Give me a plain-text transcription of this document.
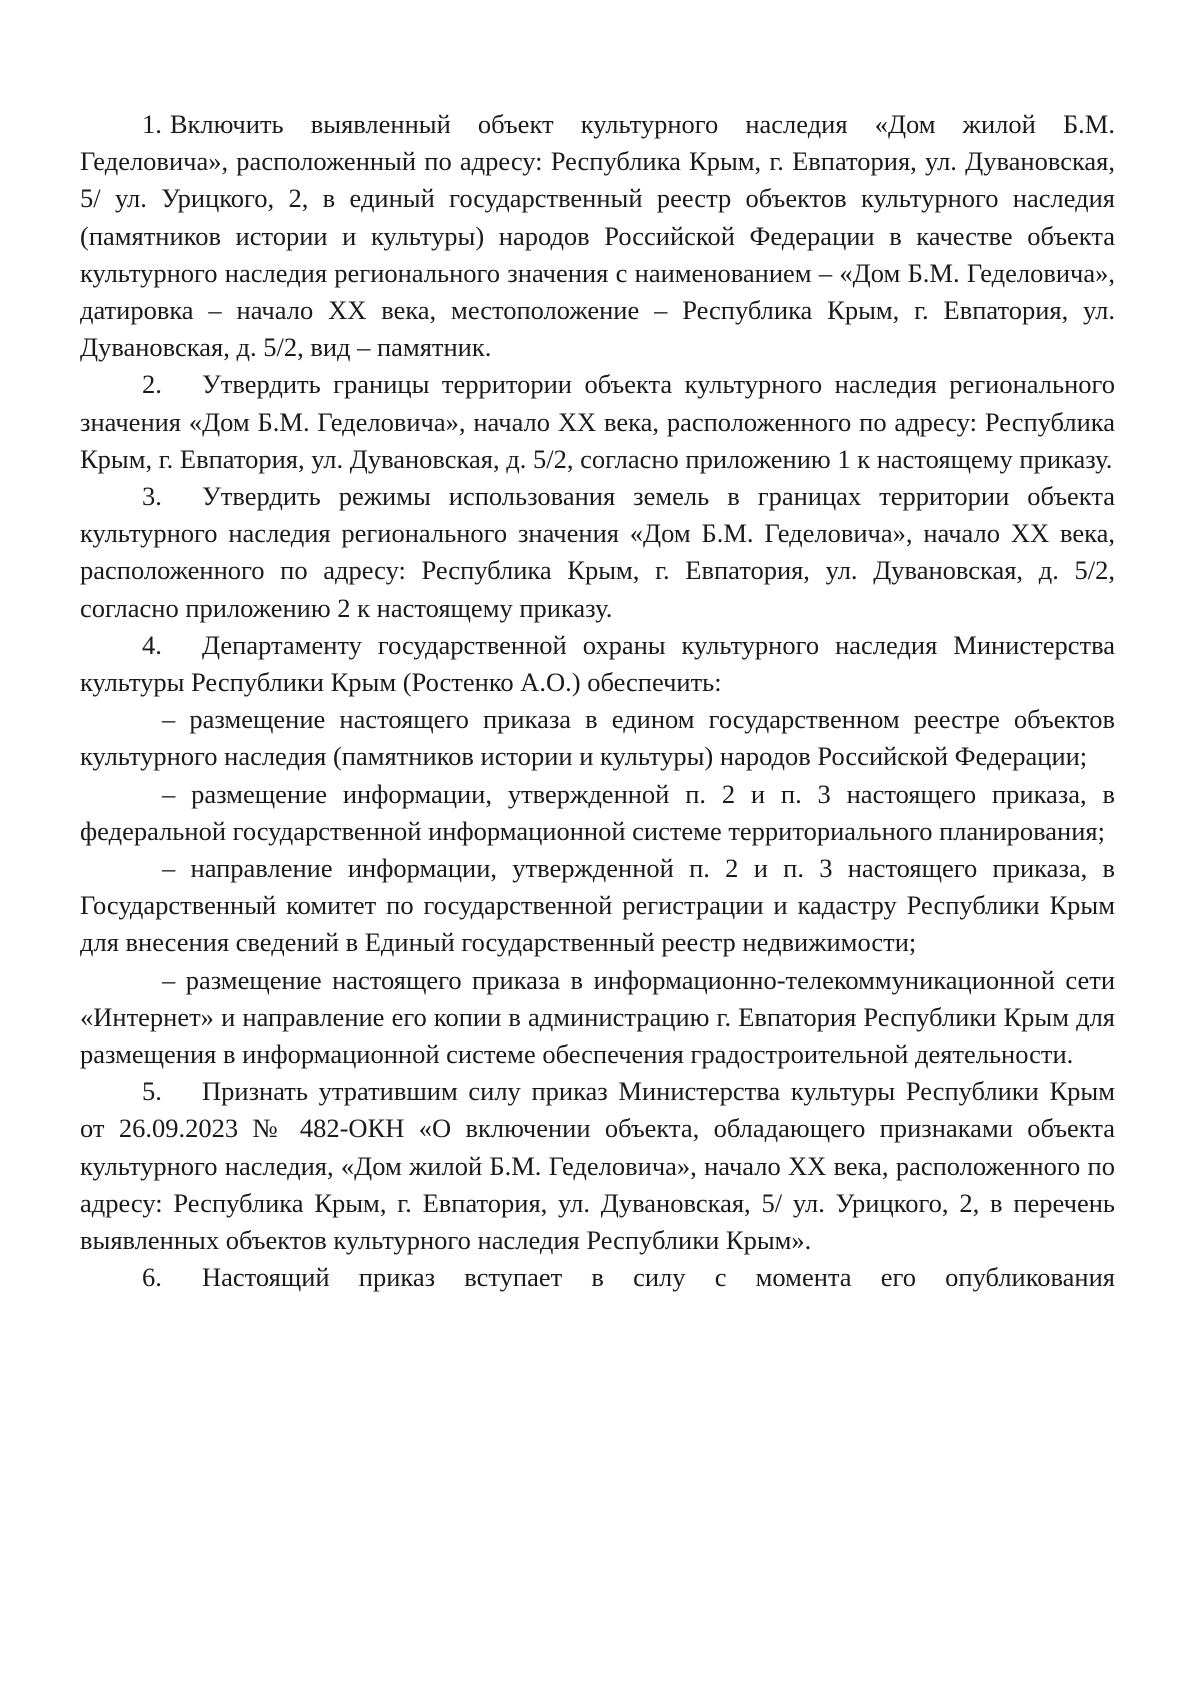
1. Включить выявленный объект культурного наследия «Дом жилой Б.М. Геделовича», расположенный по адресу: Республика Крым, г. Евпатория, ул. Дувановская, 5/ ул. Урицкого, 2, в единый государственный реестр объектов культурного наследия (памятников истории и культуры) народов Российской Федерации в качестве объекта культурного наследия регионального значения с наименованием – «Дом Б.М. Геделовича», датировка – начало XX века, местоположение – Республика Крым, г. Евпатория, ул. Дувановская, д. 5/2, вид – памятник.

2. Утвердить границы территории объекта культурного наследия регионального значения «Дом Б.М. Геделовича», начало XX века, расположенного по адресу: Республика Крым, г. Евпатория, ул. Дувановская, д. 5/2, согласно приложению 1 к настоящему приказу.

3. Утвердить режимы использования земель в границах территории объекта культурного наследия регионального значения «Дом Б.М. Геделовича», начало XX века, расположенного по адресу: Республика Крым, г. Евпатория, ул. Дувановская, д. 5/2, согласно приложению 2 к настоящему приказу.

4. Департаменту государственной охраны культурного наследия Министерства культуры Республики Крым (Ростенко А.О.) обеспечить:

– размещение настоящего приказа в едином государственном реестре объектов культурного наследия (памятников истории и культуры) народов Российской Федерации;

– размещение информации, утвержденной п. 2 и п. 3 настоящего приказа, в федеральной государственной информационной системе территориального планирования;

– направление информации, утвержденной п. 2 и п. 3 настоящего приказа, в Государственный комитет по государственной регистрации и кадастру Республики Крым для внесения сведений в Единый государственный реестр недвижимости;

– размещение настоящего приказа в информационно-телекоммуникационной сети «Интернет» и направление его копии в администрацию г. Евпатория Республики Крым для размещения в информационной системе обеспечения градостроительной деятельности.

5. Признать утратившим силу приказ Министерства культуры Республики Крым от 26.09.2023 № 482-ОКН «О включении объекта, обладающего признаками объекта культурного наследия, «Дом жилой Б.М. Геделовича», начало XX века, расположенного по адресу: Республика Крым, г. Евпатория, ул. Дувановская, 5/ ул. Урицкого, 2, в перечень выявленных объектов культурного наследия Республики Крым».

6. Настоящий приказ вступает в силу с момента его опубликования
